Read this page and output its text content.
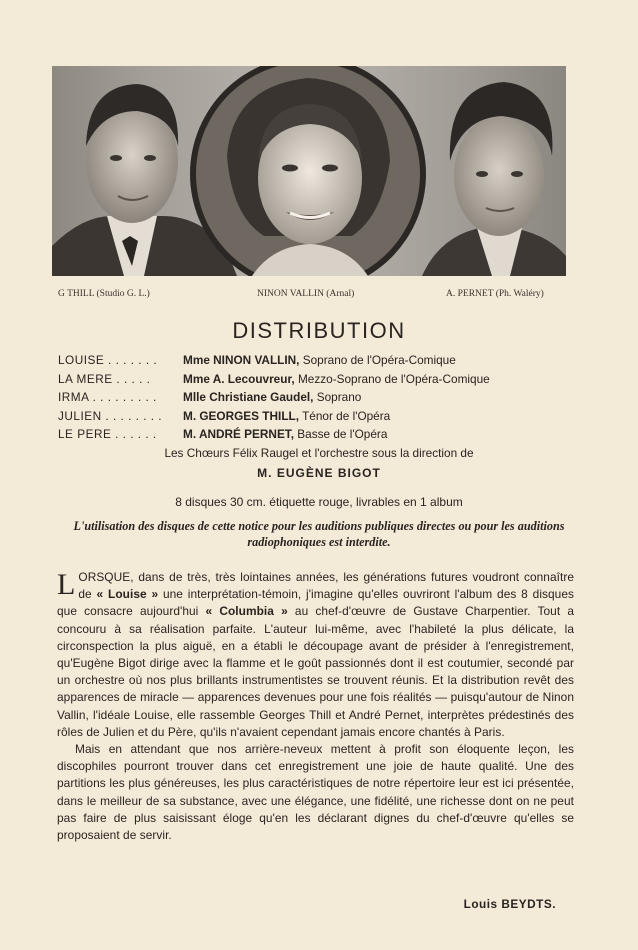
G THILL (Studio G. L.)	NINON VALLIN (Arnal)	A. PERNET (Ph. Waléry)
DISTRIBUTION
LOUISE . . . . . . . Mme NINON VALLIN, Soprano de l'Opéra-Comique
LA MERE . . . . .	Mme A. Lecouvreur, Mezzo-Soprano de l'Opéra-Comique
IRMA . . . . . . . . . Mlle Christiane Gaudel, Soprano
JULIEN . . . . . . . . M. GEORGES THILL, Ténor de l'Opéra
LE PERE . . . . . . M. ANDRÉ PERNET, Basse de l'Opéra
Les Chœurs Félix Raugel et l'orchestre sous la direction de
M. EUGÈNE BIGOT
8 disques 30 cm. étiquette rouge, livrables en 1 album
L'utilisation des disques de cette notice pour les auditions publiques directes ou pour les auditions radiophoniques est interdite.

LORSQUE, dans de très, très lointaines années, les générations futures voudront connaître de « Louise » une interprétation-témoin, j'imagine qu'elles ouvriront l'album des 8 disques que consacre aujourd'hui « Columbia » au chef-d'œuvre de Gustave Charpentier. Tout a concouru à sa réalisation parfaite. L'auteur lui-même, avec l'habileté la plus délicate, la circonspection la plus aiguë, en a établi le découpage avant de présider à l'enregistrement, qu'Eugène Bigot dirige avec la flamme et le goût passionnés dont il est coutumier, secondé par un orchestre où nos plus brillants instrumentistes se trouvent réunis. Et la distribution revêt des apparences de miracle — apparences devenues pour une fois réalités — puisqu'autour de Ninon Vallin, l'idéale Louise, elle rassemble Georges Thill et André Pernet, interprètes prédestinés des rôles de Julien et du Père, qu'ils n'avaient cependant jamais encore chantés à Paris.

Mais en attendant que nos arrière-neveux mettent à profit son éloquente leçon, les discophiles pourront trouver dans cet enregistrement une joie de haute qualité. Une des partitions les plus généreuses, les plus caractéristiques de notre répertoire leur est ici présentée, dans le meilleur de sa substance, avec une élégance, une fidélité, une richesse dont on ne peut pas faire de plus saisissant éloge qu'en les déclarant dignes du chef-d'œuvre qu'elles se proposaient de servir.

Louis BEYDTS.
